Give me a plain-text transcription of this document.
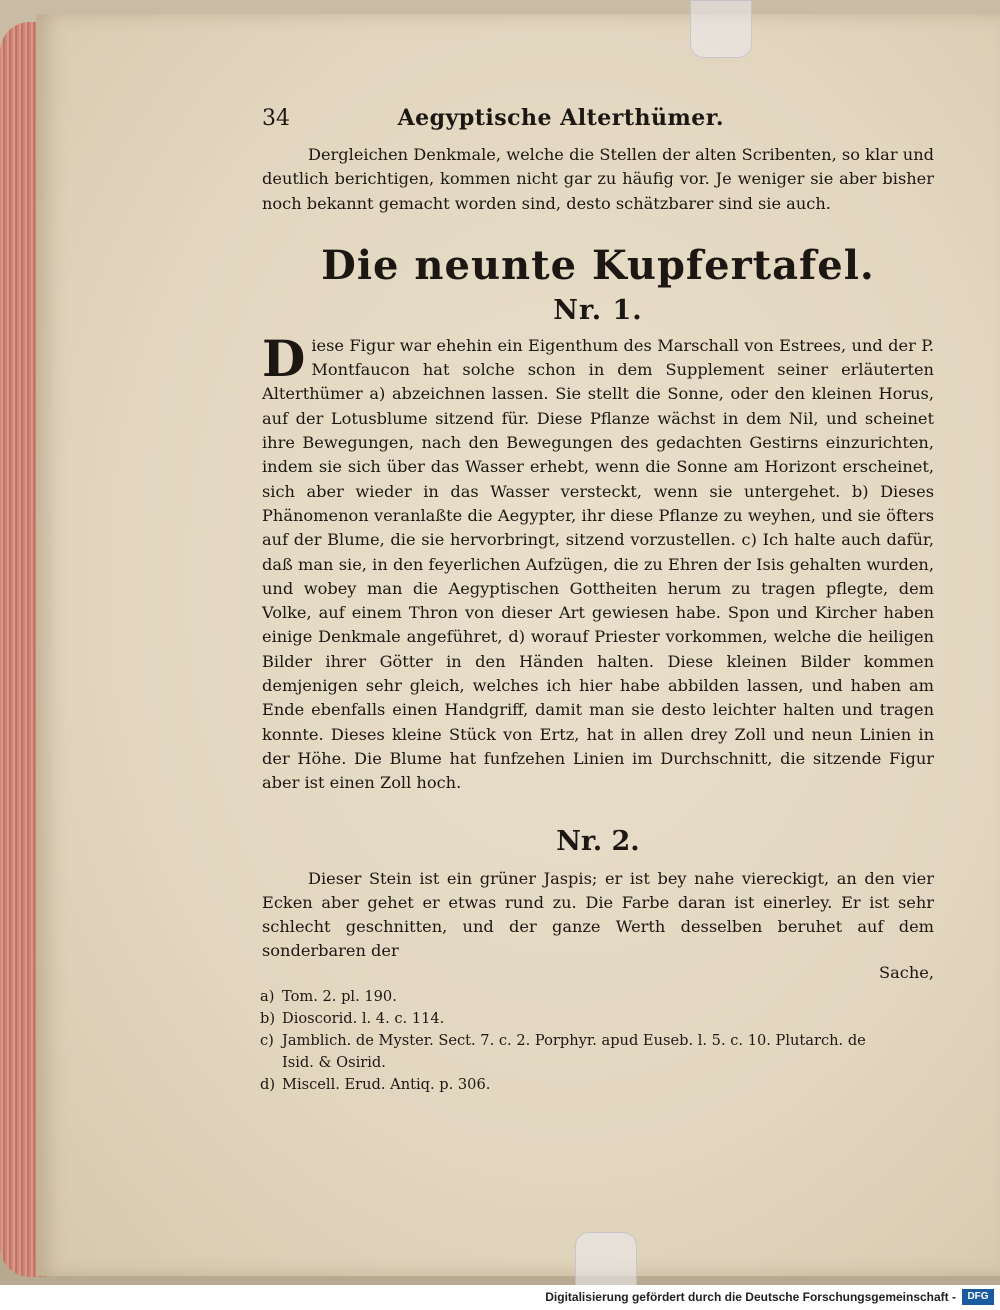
34	Aegyptische Alterthümer.

Dergleichen Denkmale, welche die Stellen der alten Scribenten, so klar und deutlich berichtigen, kommen nicht gar zu häufig vor. Je weniger sie aber bisher noch bekannt gemacht worden sind, desto schätzbarer sind sie auch.

Die neunte Kupfertafel.
Nr. 1.

Diese Figur war ehehin ein Eigenthum des Marschall von Estrees, und der P. Montfaucon hat solche schon in dem Supplement seiner erläuterten Alterthümer a) abzeichnen lassen. Sie stellt die Sonne, oder den kleinen Horus, auf der Lotusblume sitzend für. Diese Pflanze wächst in dem Nil, und scheinet ihre Bewegungen, nach den Bewegungen des gedachten Gestirns einzurichten, indem sie sich über das Wasser erhebt, wenn die Sonne am Horizont erscheinet, sich aber wieder in das Wasser versteckt, wenn sie untergehet. b) Dieses Phänomenon veranlaßte die Aegypter, ihr diese Pflanze zu weyhen, und sie öfters auf der Blume, die sie hervorbringt, sitzend vorzustellen. c) Ich halte auch dafür, daß man sie, in den feyerlichen Aufzügen, die zu Ehren der Isis gehalten wurden, und wobey man die Aegyptischen Gottheiten herum zu tragen pflegte, dem Volke, auf einem Thron von dieser Art gewiesen habe. Spon und Kircher haben einige Denkmale angeführet, d) worauf Priester vorkommen, welche die heiligen Bilder ihrer Götter in den Händen halten. Diese kleinen Bilder kommen demjenigen sehr gleich, welches ich hier habe abbilden lassen, und haben am Ende ebenfalls einen Handgriff, damit man sie desto leichter halten und tragen konnte. Dieses kleine Stück von Ertz, hat in allen drey Zoll und neun Linien in der Höhe. Die Blume hat funfzehen Linien im Durchschnitt, die sitzende Figur aber ist einen Zoll hoch.

Nr. 2.

Dieser Stein ist ein grüner Jaspis; er ist bey nahe viereckigt, an den vier Ecken aber gehet er etwas rund zu. Die Farbe daran ist einerley. Er ist sehr schlecht geschnitten, und der ganze Werth desselben beruhet auf dem sonderbaren der

Sache,
a) Tom. 2. pl. 190.
b) Dioscorid. l. 4. c. 114.
c) Jamblich. de Myster. Sect. 7. c. 2. Porphyr. apud Euseb. l. 5. c. 10. Plutarch. de
Isid. & Osirid.
d) Miscell. Erud. Antiq. p. 306.
Digitalisierung gefördert durch die Deutsche Forschungsgemeinschaft -	DFG
